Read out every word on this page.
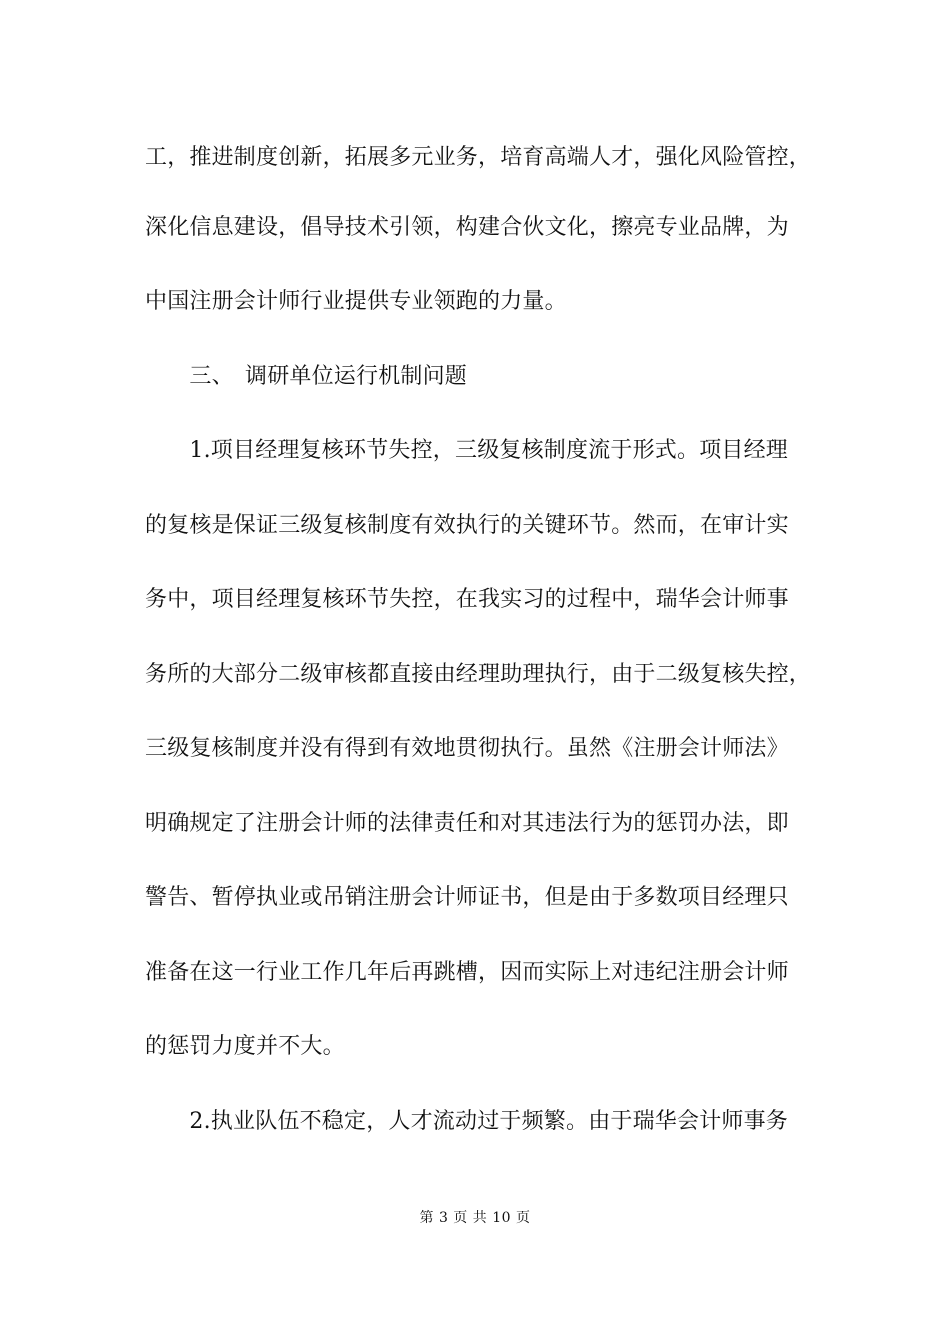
工，推进制度创新，拓展多元业务，培育高端人才，强化风险管控，
深化信息建设，倡导技术引领，构建合伙文化，擦亮专业品牌，为
中国注册会计师行业提供专业领跑的力量。
　　三、　调研单位运行机制问题
　　1.项目经理复核环节失控，三级复核制度流于形式。项目经理
的复核是保证三级复核制度有效执行的关键环节。然而，在审计实
务中，项目经理复核环节失控，在我实习的过程中，瑞华会计师事
务所的大部分二级审核都直接由经理助理执行，由于二级复核失控，
三级复核制度并没有得到有效地贯彻执行。虽然《注册会计师法》
明确规定了注册会计师的法律责任和对其违法行为的惩罚办法，即
警告、暂停执业或吊销注册会计师证书，但是由于多数项目经理只
准备在这一行业工作几年后再跳槽，因而实际上对违纪注册会计师
的惩罚力度并不大。
　　2.执业队伍不稳定，人才流动过于频繁。由于瑞华会计师事务
第 3 页 共 10 页
